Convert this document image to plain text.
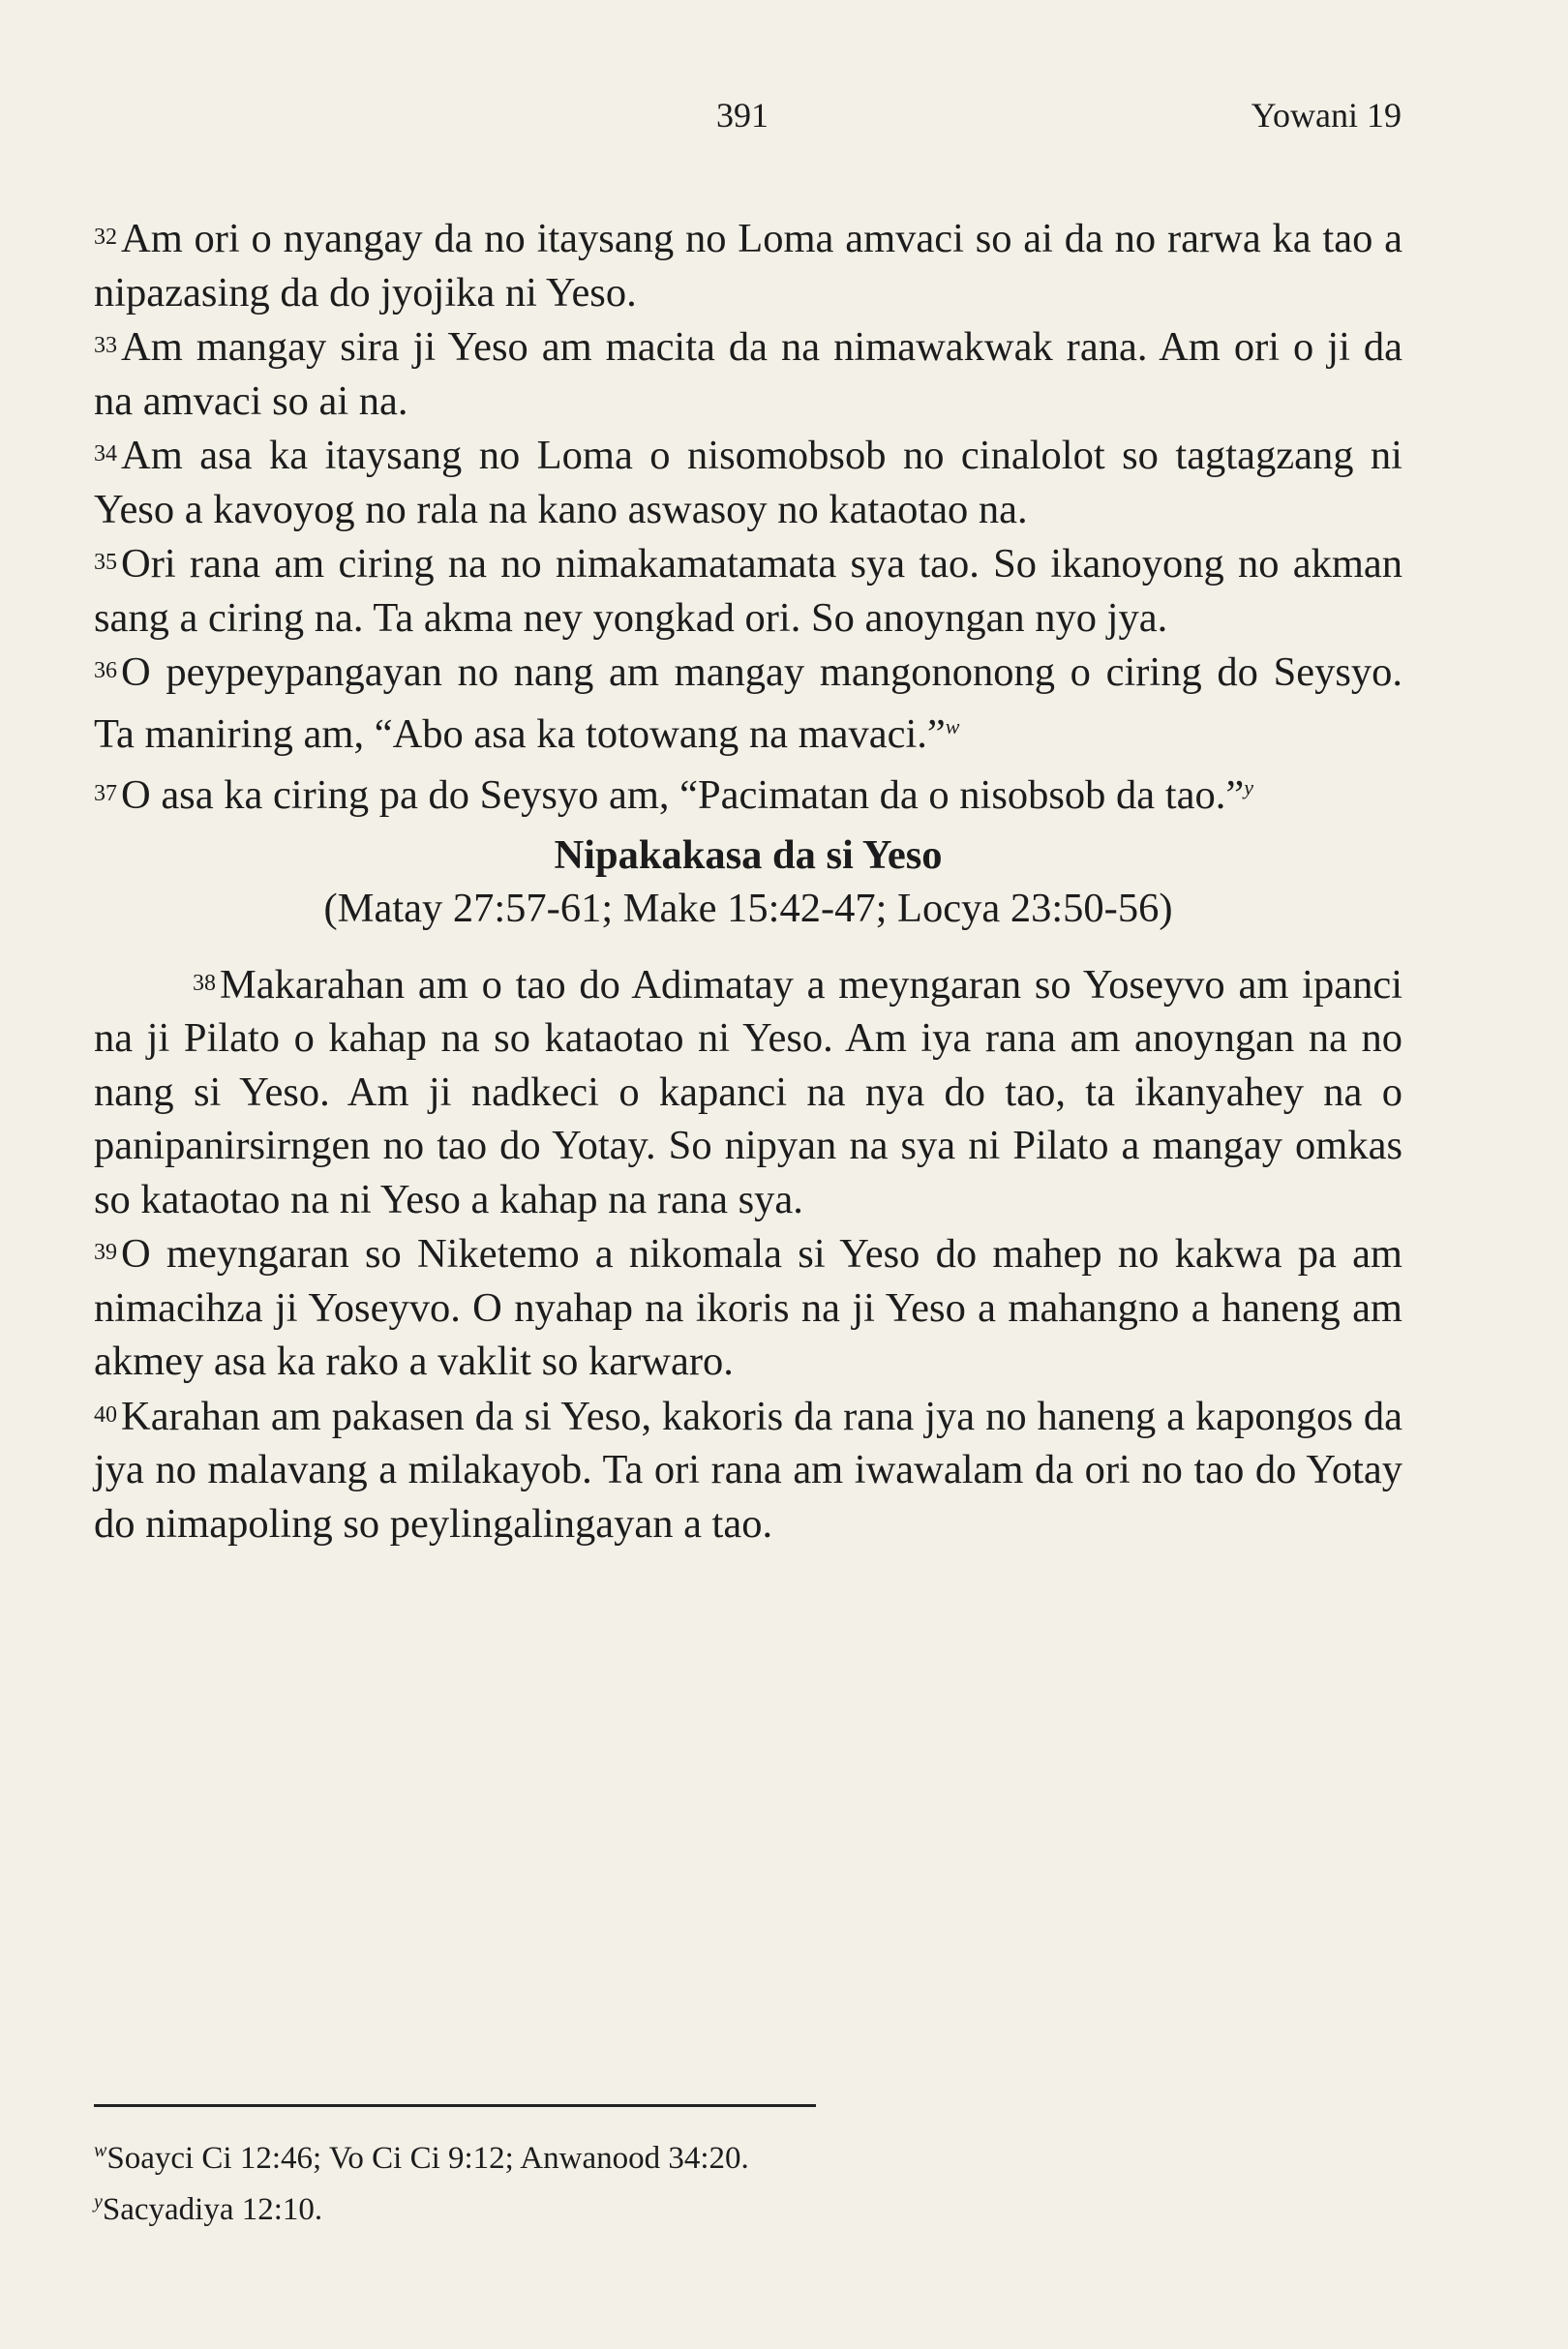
391	Yowani 19

32Am ori o nyangay da no itaysang no Loma amvaci so ai da no rarwa ka tao a nipazasing da do jyojika ni Yeso.

33Am mangay sira ji Yeso am macita da na nimawakwak rana. Am ori o ji da na amvaci so ai na.

34Am asa ka itaysang no Loma o nisomobsob no cinalolot so tagtagzang ni Yeso a kavoyog no rala na kano aswasoy no kataotao na.

35Ori rana am ciring na no nimakamatamata sya tao. So ikanoyong no akman sang a ciring na. Ta akma ney yongkad ori. So anoyngan nyo jya.

36O peypeypangayan no nang am mangay mangononong o ciring do Seysyo. Ta maniring am, “Abo asa ka totowang na mavaci.”$^w$

37O asa ka ciring pa do Seysyo am, “Pacimatan da o nisobsob da tao.”$^y$

Nipakakasa da si Yeso
(Matay 27:57-61; Make 15:42-47; Locya 23:50-56)

38Makarahan am o tao do Adimatay a meyngaran so Yoseyvo am ipanci na ji Pilato o kahap na so kataotao ni Yeso. Am iya rana am anoyngan na no nang si Yeso. Am ji nadkeci o kapanci na nya do tao, ta ikanyahey na o panipanirsirngen no tao do Yotay. So nipyan na sya ni Pilato a mangay omkas so kataotao na ni Yeso a kahap na rana sya.

39O meyngaran so Niketemo a nikomala si Yeso do mahep no kakwa pa am nimacihza ji Yoseyvo. O nyahap na ikoris na ji Yeso a mahangno a haneng am akmey asa ka rako a vaklit so karwaro.

40Karahan am pakasen da si Yeso, kakoris da rana jya no haneng a kapongos da jya no malavang a milakayob. Ta ori rana am iwawalam da ori no tao do Yotay do nimapoling so peylingalingayan a tao.

$^w$Soayci Ci 12:46; Vo Ci Ci 9:12; Anwanood 34:20.
$^y$Sacyadiya 12:10.
